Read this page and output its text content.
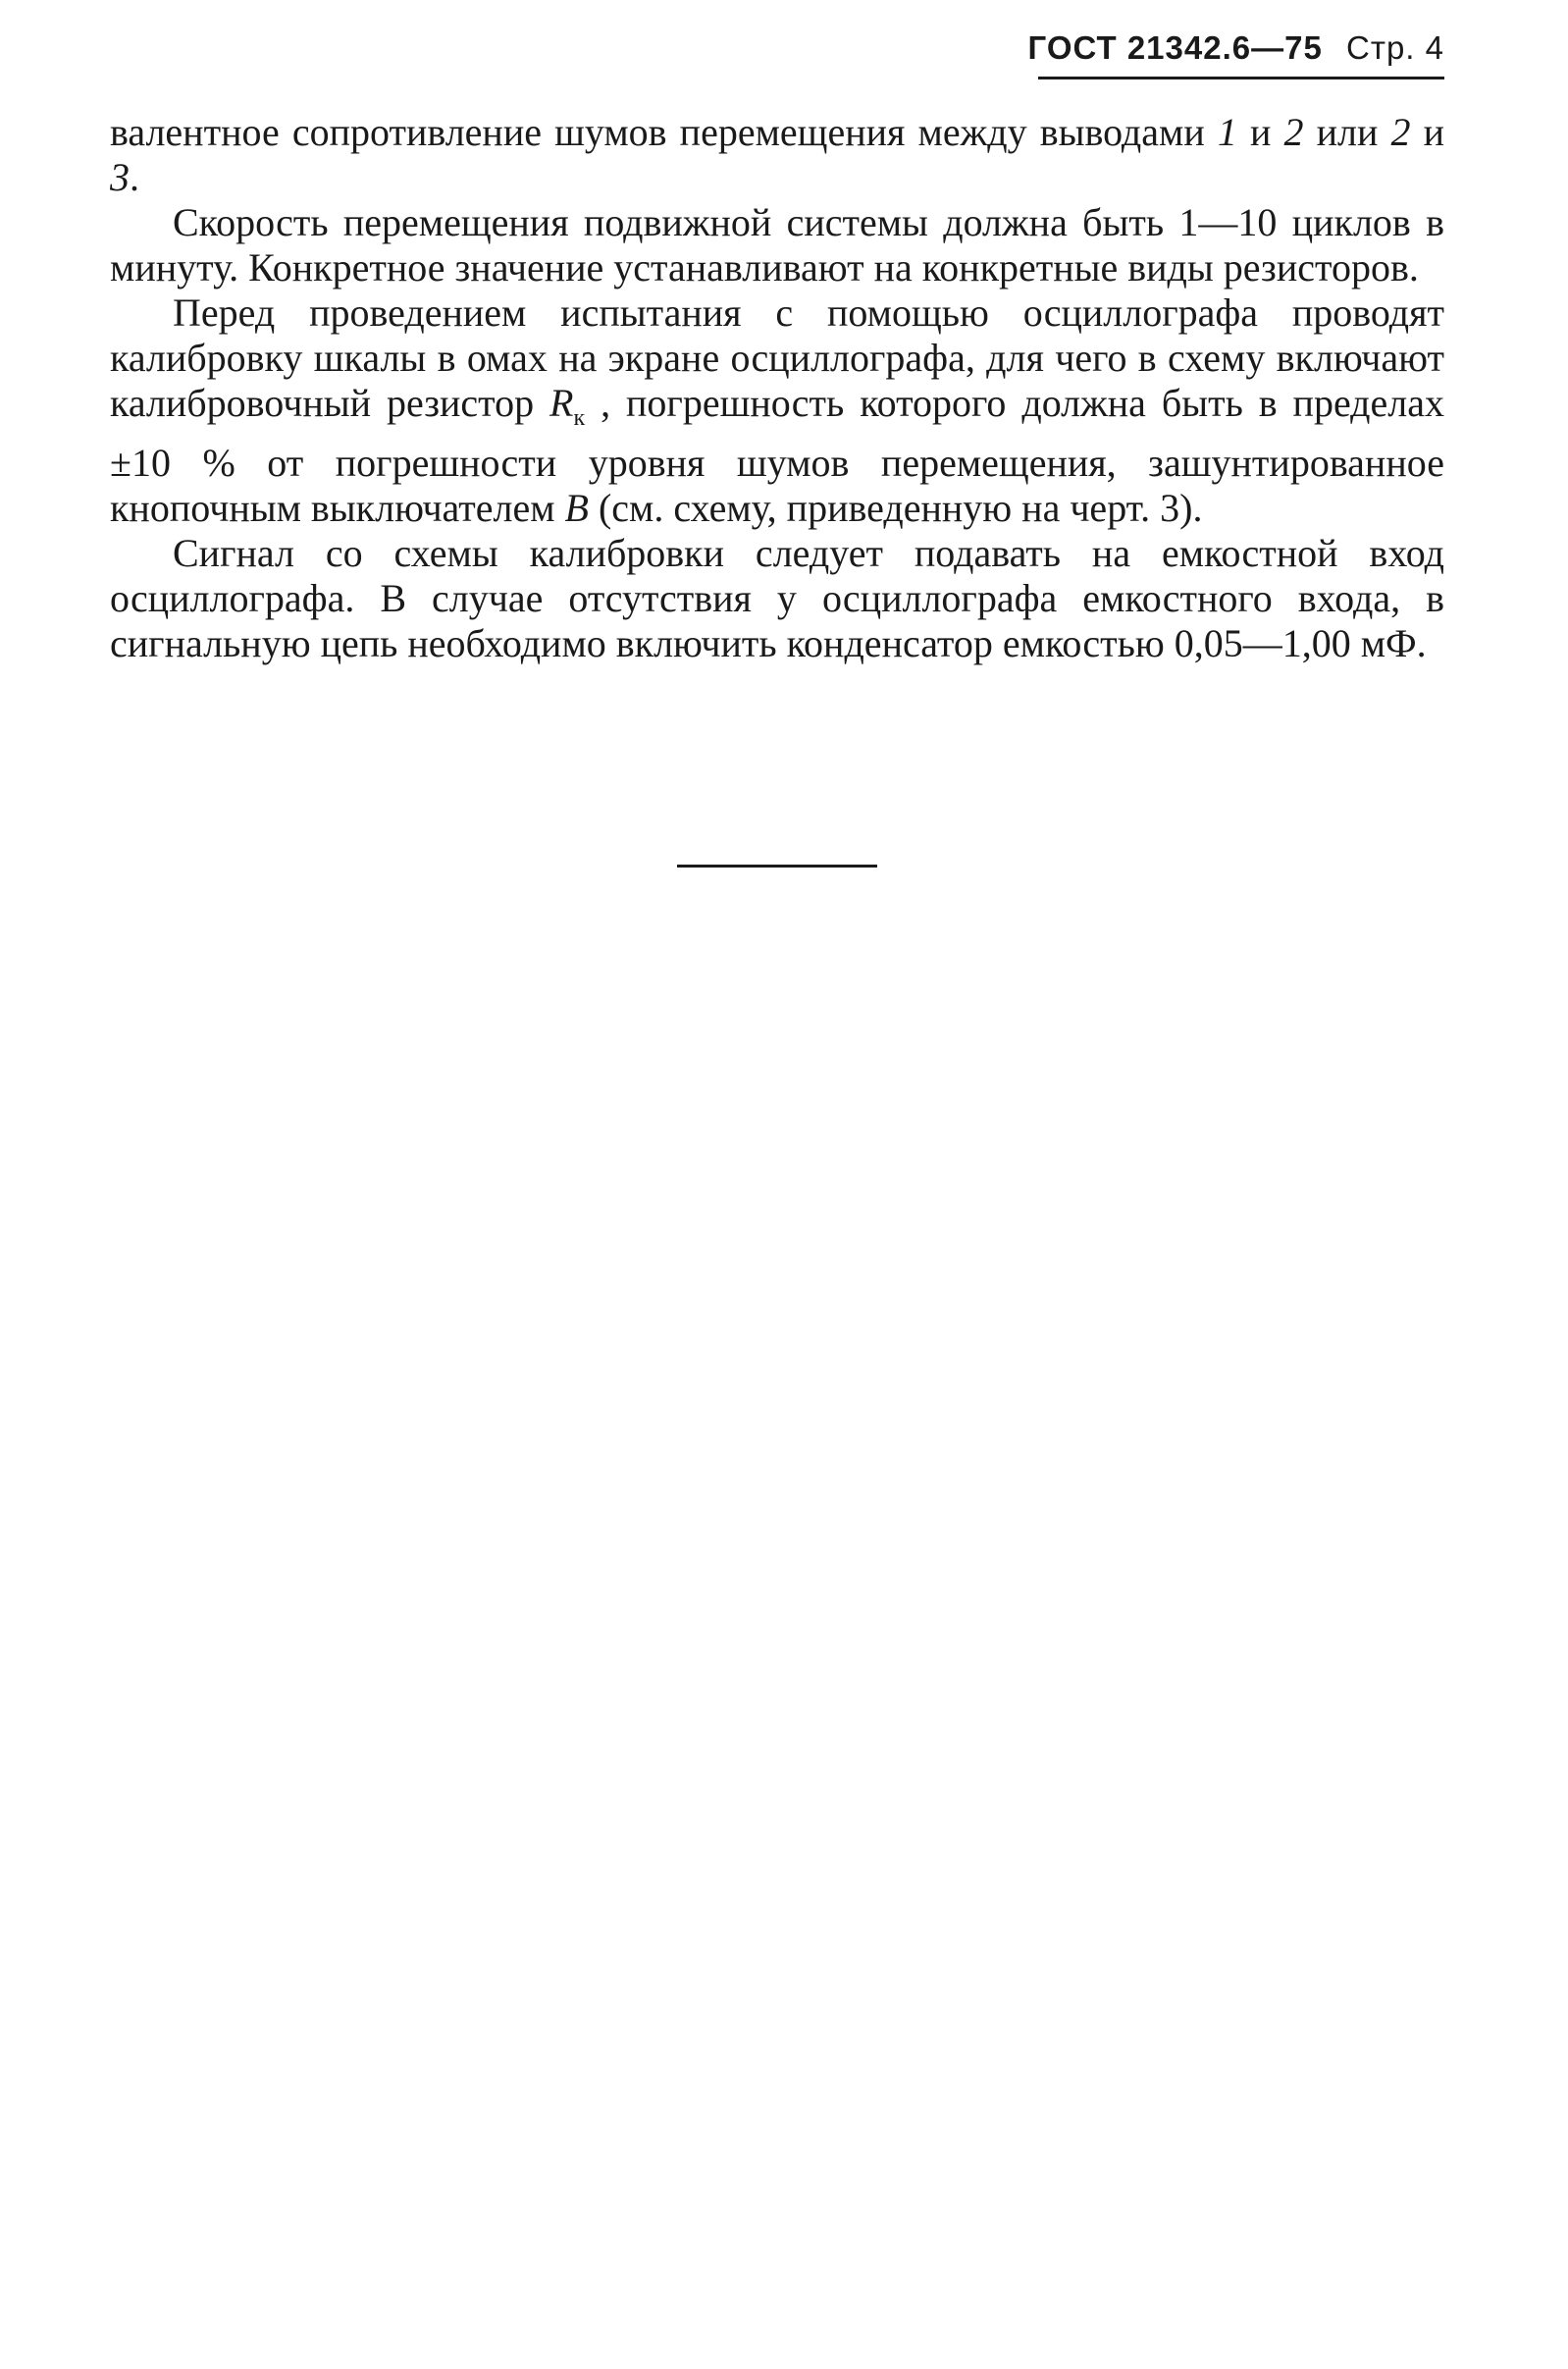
ГОСТ 21342.6—75 Стр. 4

валентное сопротивление шумов перемещения между выводами 1 и 2 или 2 и 3.

Скорость перемещения подвижной системы должна быть 1—10 циклов в минуту. Конкретное значение устанавливают на конкретные виды резисторов.

Перед проведением испытания с помощью осциллографа проводят калибровку шкалы в омах на экране осциллографа, для чего в схему включают калибровочный резистор $R_к$ , погрешность которого должна быть в пределах ±10 % от погрешности уровня шумов перемещения, зашунтированное кнопочным выключателем В (см. схему, приведенную на черт. 3).

Сигнал со схемы калибровки следует подавать на емкостной вход осциллографа. В случае отсутствия у осциллографа емкостного входа, в сигнальную цепь необходимо включить конденсатор емкостью 0,05—1,00 мФ.
